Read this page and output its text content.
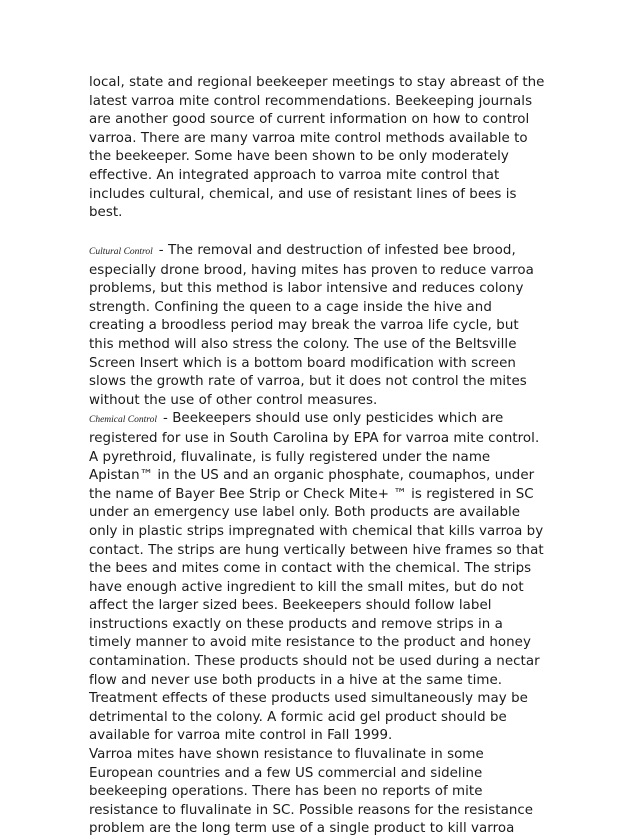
local, state and regional beekeeper meetings to stay abreast of the
latest varroa mite control recommendations. Beekeeping journals
are another good source of current information on how to control
varroa. There are many varroa mite control methods available to
the beekeeper. Some have been shown to be only moderately
effective. An integrated approach to varroa mite control that
includes cultural, chemical, and use of resistant lines of bees is
best.
Cultural Control - The removal and destruction of infested bee brood,
especially drone brood, having mites has proven to reduce varroa
problems, but this method is labor intensive and reduces colony
strength. Confining the queen to a cage inside the hive and
creating a broodless period may break the varroa life cycle, but
this method will also stress the colony. The use of the Beltsville
Screen Insert which is a bottom board modification with screen
slows the growth rate of varroa, but it does not control the mites
without the use of other control measures.
Chemical Control - Beekeepers should use only pesticides which are
registered for use in South Carolina by EPA for varroa mite control.
A pyrethroid, fluvalinate, is fully registered under the name
Apistan™ in the US and an organic phosphate, coumaphos, under
the name of Bayer Bee Strip or Check Mite+ ™ is registered in SC
under an emergency use label only. Both products are available
only in plastic strips impregnated with chemical that kills varroa by
contact. The strips are hung vertically between hive frames so that
the bees and mites come in contact with the chemical. The strips
have enough active ingredient to kill the small mites, but do not
affect the larger sized bees. Beekeepers should follow label
instructions exactly on these products and remove strips in a
timely manner to avoid mite resistance to the product and honey
contamination. These products should not be used during a nectar
flow and never use both products in a hive at the same time.
Treatment effects of these products used simultaneously may be
detrimental to the colony. A formic acid gel product should be
available for varroa mite control in Fall 1999.
Varroa mites have shown resistance to fluvalinate in some
European countries and a few US commercial and sideline
beekeeping operations. There has been no reports of mite
resistance to fluvalinate in SC. Possible reasons for the resistance
problem are the long term use of a single product to kill varroa
